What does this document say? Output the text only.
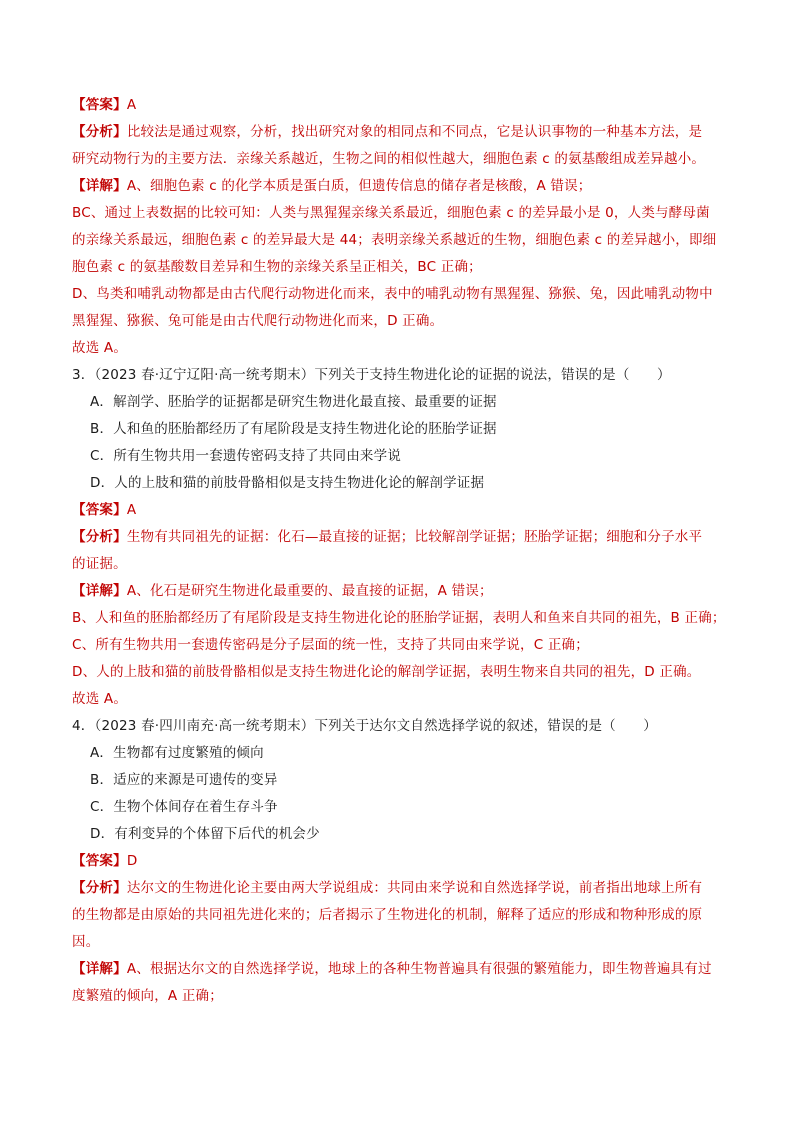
【答案】A
【分析】比较法是通过观察，分析，找出研究对象的相同点和不同点，它是认识事物的一种基本方法，是
研究动物行为的主要方法．亲缘关系越近，生物之间的相似性越大，细胞色素 c 的氨基酸组成差异越小。
【详解】A、细胞色素 c 的化学本质是蛋白质，但遗传信息的储存者是核酸，A 错误；
BC、通过上表数据的比较可知：人类与黑猩猩亲缘关系最近，细胞色素 c 的差异最小是 0，人类与酵母菌
的亲缘关系最远，细胞色素 c 的差异最大是 44；表明亲缘关系越近的生物，细胞色素 c 的差异越小，即细
胞色素 c 的氨基酸数目差异和生物的亲缘关系呈正相关，BC 正确；
D、鸟类和哺乳动物都是由古代爬行动物进化而来，表中的哺乳动物有黑猩猩、猕猴、兔，因此哺乳动物中
黑猩猩、猕猴、兔可能是由古代爬行动物进化而来，D 正确。
故选 A。
3．（2023 春·辽宁辽阳·高一统考期末）下列关于支持生物进化论的证据的说法，错误的是（　　）
A．解剖学、胚胎学的证据都是研究生物进化最直接、最重要的证据
B．人和鱼的胚胎都经历了有尾阶段是支持生物进化论的胚胎学证据
C．所有生物共用一套遗传密码支持了共同由来学说
D．人的上肢和猫的前肢骨骼相似是支持生物进化论的解剖学证据
【答案】A
【分析】生物有共同祖先的证据：化石—最直接的证据；比较解剖学证据；胚胎学证据；细胞和分子水平
的证据。
【详解】A、化石是研究生物进化最重要的、最直接的证据，A 错误；
B、人和鱼的胚胎都经历了有尾阶段是支持生物进化论的胚胎学证据，表明人和鱼来自共同的祖先，B 正确；
C、所有生物共用一套遗传密码是分子层面的统一性，支持了共同由来学说，C 正确；
D、人的上肢和猫的前肢骨骼相似是支持生物进化论的解剖学证据，表明生物来自共同的祖先，D 正确。
故选 A。
4．（2023 春·四川南充·高一统考期末）下列关于达尔文自然选择学说的叙述，错误的是（　　）
A．生物都有过度繁殖的倾向
B．适应的来源是可遗传的变异
C．生物个体间存在着生存斗争
D．有利变异的个体留下后代的机会少
【答案】D
【分析】达尔文的生物进化论主要由两大学说组成：共同由来学说和自然选择学说，前者指出地球上所有
的生物都是由原始的共同祖先进化来的；后者揭示了生物进化的机制，解释了适应的形成和物种形成的原
因。
【详解】A、根据达尔文的自然选择学说，地球上的各种生物普遍具有很强的繁殖能力，即生物普遍具有过
度繁殖的倾向，A 正确；
